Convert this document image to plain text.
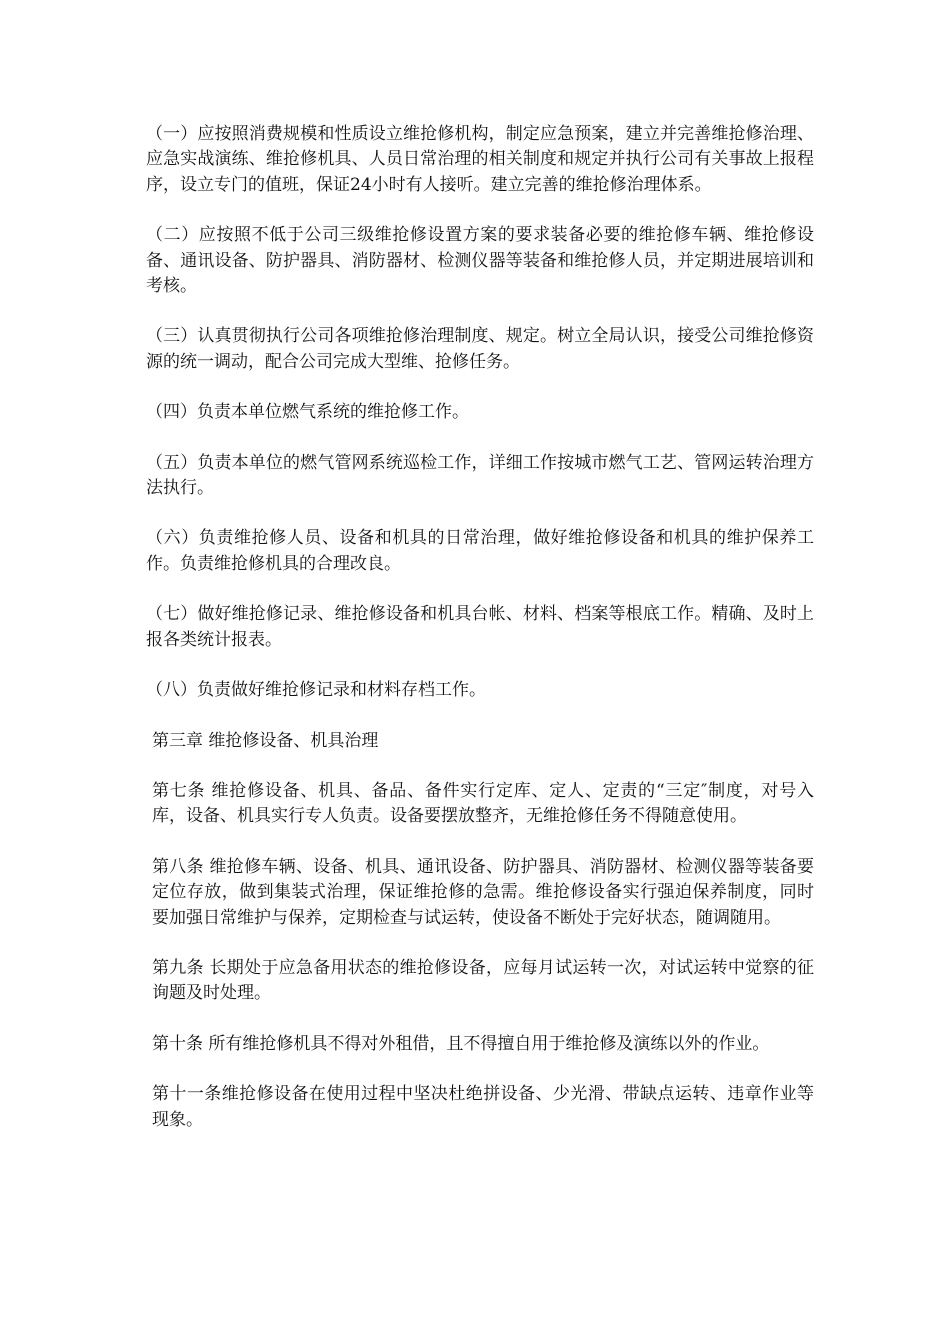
（一）应按照消费规模和性质设立维抢修机构，制定应急预案，建立并完善维抢修治理、应急实战演练、维抢修机具、人员日常治理的相关制度和规定并执行公司有关事故上报程序，设立专门的值班，保证24小时有人接听。建立完善的维抢修治理体系。

（二）应按照不低于公司三级维抢修设置方案的要求装备必要的维抢修车辆、维抢修设备、通讯设备、防护器具、消防器材、检测仪器等装备和维抢修人员，并定期进展培训和考核。

（三）认真贯彻执行公司各项维抢修治理制度、规定。树立全局认识，接受公司维抢修资源的统一调动，配合公司完成大型维、抢修任务。

（四）负责本单位燃气系统的维抢修工作。

（五）负责本单位的燃气管网系统巡检工作，详细工作按城市燃气工艺、管网运转治理方法执行。

（六）负责维抢修人员、设备和机具的日常治理，做好维抢修设备和机具的维护保养工作。负责维抢修机具的合理改良。

（七）做好维抢修记录、维抢修设备和机具台帐、材料、档案等根底工作。精确、及时上报各类统计报表。

（八）负责做好维抢修记录和材料存档工作。

第三章 维抢修设备、机具治理

第七条 维抢修设备、机具、备品、备件实行定库、定人、定责的“三定″制度，对号入库，设备、机具实行专人负责。设备要摆放整齐，无维抢修任务不得随意使用。

第八条 维抢修车辆、设备、机具、通讯设备、防护器具、消防器材、检测仪器等装备要定位存放，做到集装式治理，保证维抢修的急需。维抢修设备实行强迫保养制度，同时要加强日常维护与保养，定期检查与试运转，使设备不断处于完好状态，随调随用。

第九条 长期处于应急备用状态的维抢修设备，应每月试运转一次，对试运转中觉察的征询题及时处理。

第十条 所有维抢修机具不得对外租借，且不得擅自用于维抢修及演练以外的作业。

第十一条维抢修设备在使用过程中坚决杜绝拼设备、少光滑、带缺点运转、违章作业等现象。
